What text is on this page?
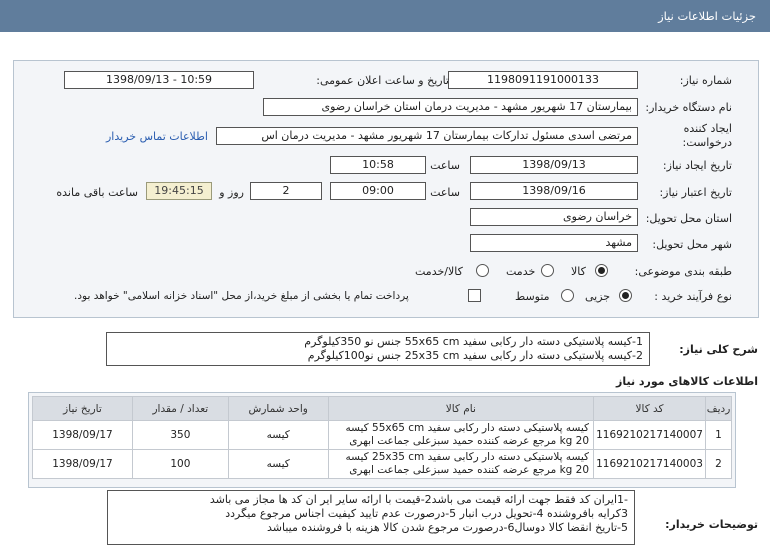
جزئیات اطلاعات نیاز
شماره نیاز:
1198091191000133
تاریخ و ساعت اعلان عمومی:
1398/09/13 - 10:59
نام دستگاه خریدار:
بیمارستان 17 شهریور مشهد - مدیریت درمان استان خراسان رضوی
ایجاد کننده
درخواست:
مرتضی اسدی مسئول تدارکات بیمارستان 17 شهریور مشهد - مدیریت درمان اس
اطلاعات تماس خریدار
تاریخ ایجاد نیاز:
1398/09/13
ساعت
10:58
تاریخ اعتبار نیاز:
1398/09/16
ساعت
09:00
2
روز و
19:45:15
ساعت باقی مانده
استان محل تحویل:
خراسان رضوی
شهر محل تحویل:
مشهد
طبقه بندی موضوعی:
کالا
خدمت
کالا/خدمت
نوع فرآیند خرید :
جزیی
متوسط
پرداخت تمام یا بخشی از مبلغ خرید،از محل "اسناد خزانه اسلامی" خواهد بود.
شرح کلی نیاز:
1-کیسه پلاستیکی دسته دار رکابی سفید 55x65 cm جنس نو 350کیلوگرم
2-کیسه پلاستیکی دسته دار رکابی سفید 25x35 cm جنس نو100کیلوگرم
اطلاعات کالاهای مورد نیاز
ردیف	کد کالا	نام کالا	واحد شمارش	تعداد / مقدار	تاریخ نیاز
1	1169210217140007	کیسه پلاستیکی دسته دار رکابی سفید 55x65 cm کیسه
20 kg مرجع عرضه کننده حمید سبزعلی جماعت ابهری	کیسه	350	1398/09/17
2	1169210217140003	کیسه پلاستیکی دسته دار رکابی سفید 25x35 cm کیسه
20 kg مرجع عرضه کننده حمید سبزعلی جماعت ابهری	کیسه	100	1398/09/17
توضیحات خریدار:
-1ایران کد فقط جهت ارائه قیمت می باشد2-قیمت با ارائه سایر ایر ان کد ها مجاز می باشد
3کرایه بافروشنده 4-تحویل درب انبار 5-درصورت عدم تایید کیفیت اجناس مرجوع میگردد
5-تاریخ انقضا کالا دوسال6-درصورت مرجوع شدن کالا هزینه با فروشنده میباشد
